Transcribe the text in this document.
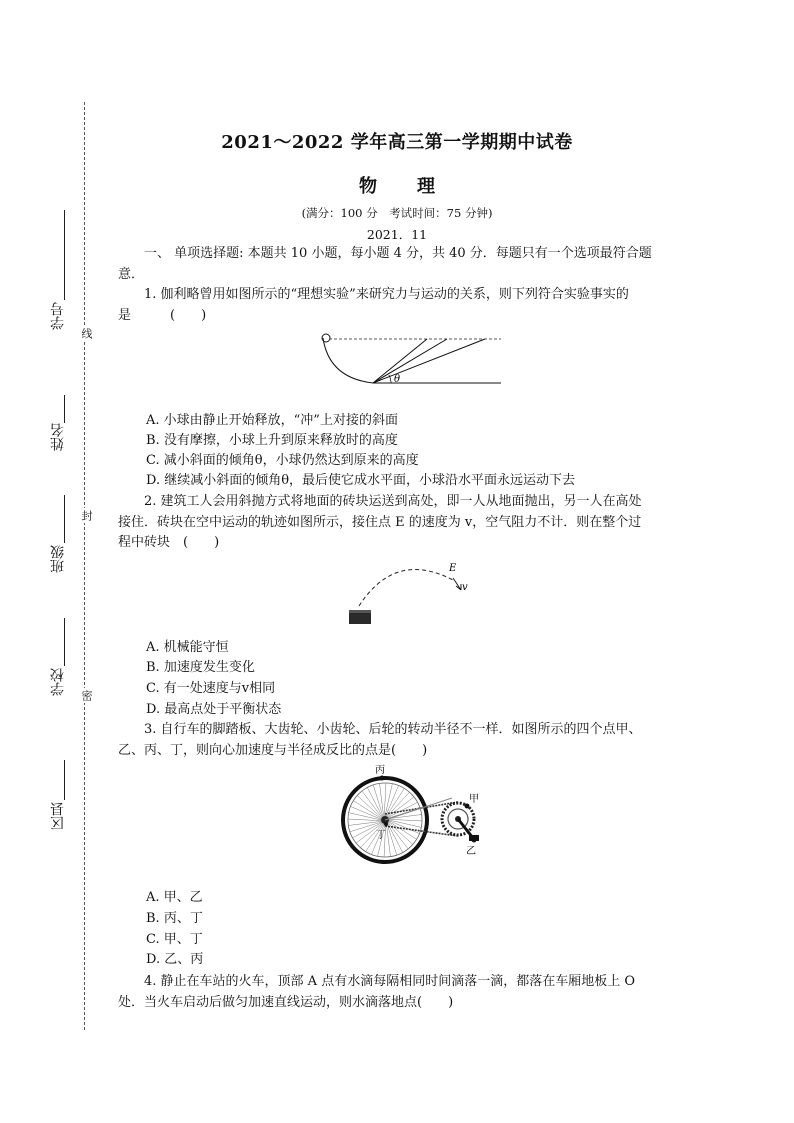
线
封
密
学号
姓名
班级
学校
区县
2021～2022 学年高三第一学期期中试卷
物理
(满分：100 分　考试时间：75 分钟)
2021．11
一、 单项选择题: 本题共 10 小题，每小题 4 分，共 40 分．每题只有一个选项最符合题
意．
1. 伽利略曾用如图所示的“理想实验”来研究力与运动的关系，则下列符合实验事实的
是　　　(　　)
θ
A. 小球由静止开始释放，“冲”上对接的斜面
B. 没有摩擦，小球上升到原来释放时的高度
C. 减小斜面的倾角θ，小球仍然达到原来的高度
D. 继续减小斜面的倾角θ，最后使它成水平面，小球沿水平面永远运动下去
2. 建筑工人会用斜抛方式将地面的砖块运送到高处，即一人从地面抛出，另一人在高处
接住．砖块在空中运动的轨迹如图所示，接住点 E 的速度为 v，空气阻力不计．则在整个过
程中砖块　(　　)
E
v
A. 机械能守恒
B. 加速度发生变化
C. 有一处速度与v相同
D. 最高点处于平衡状态
3. 自行车的脚踏板、大齿轮、小齿轮、后轮的转动半径不一样．如图所示的四个点甲、
乙、丙、丁，则向心加速度与半径成反比的点是(　　)
甲
乙
丙
丁
A. 甲、乙
B. 丙、丁
C. 甲、丁
D. 乙、丙
4. 静止在车站的火车，顶部 A 点有水滴每隔相同时间滴落一滴，都落在车厢地板上 O
处．当火车启动后做匀加速直线运动，则水滴落地点(　　)
